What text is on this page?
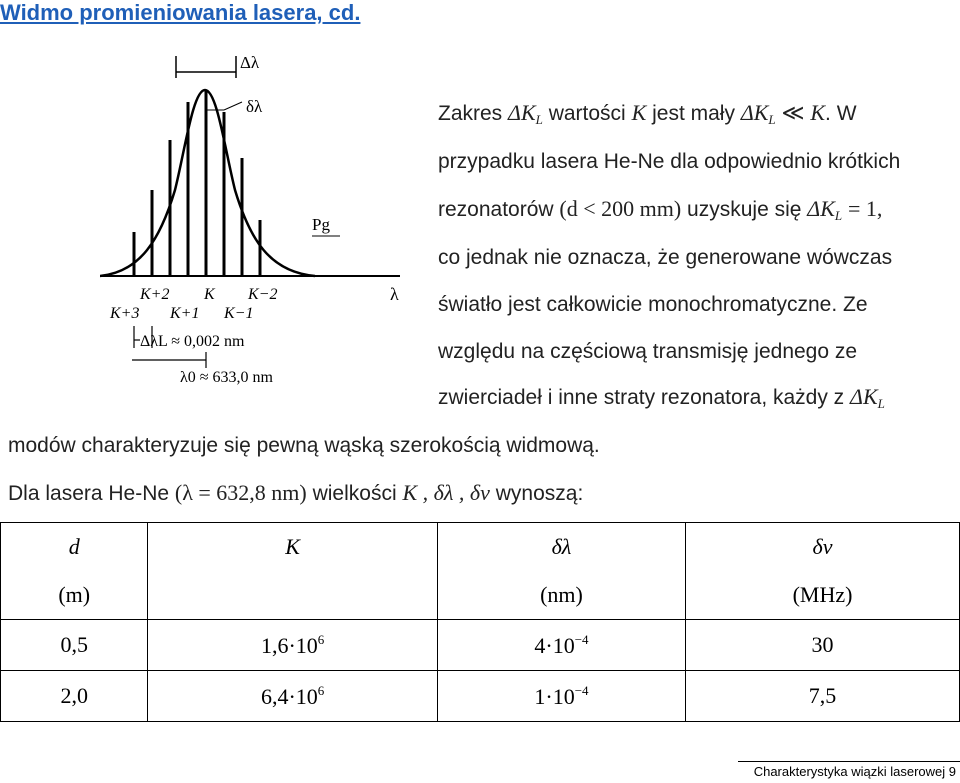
Widmo promieniowania lasera, cd.
Δλ
δλ
Pg
λ
K+2 K K−2
K+3 K+1 K−1
ΔλL ≈ 0,002 nm
λ0 ≈ 633,0 nm
Zakres $\Delta K_L$ wartości K jest mały $\Delta K_L$ ≪ K. W
przypadku lasera He-Ne dla odpowiednio krótkich
rezonatorów (d < 200 mm) uzyskuje się $\Delta K_L = 1$,
co jednak nie oznacza, że generowane wówczas
światło jest całkowicie monochromatyczne. Ze
względu na częściową transmisję jednego ze
zwierciadeł i inne straty rezonatora, każdy z $\Delta K_L$
modów charakteryzuje się pewną wąską szerokością widmową.
Dla lasera He-Ne (λ = 632,8 nm) wielkości K , δλ , δν wynoszą:
d	K	δλ	δν
(m)		(nm)	(MHz)
0,5	$1,6\cdot 10^6$	$4\cdot 10^{-4}$	30
2,0	$6,4\cdot 10^6$	$1\cdot 10^{-4}$	7,5
Charakterystyka wiązki laserowej 9
